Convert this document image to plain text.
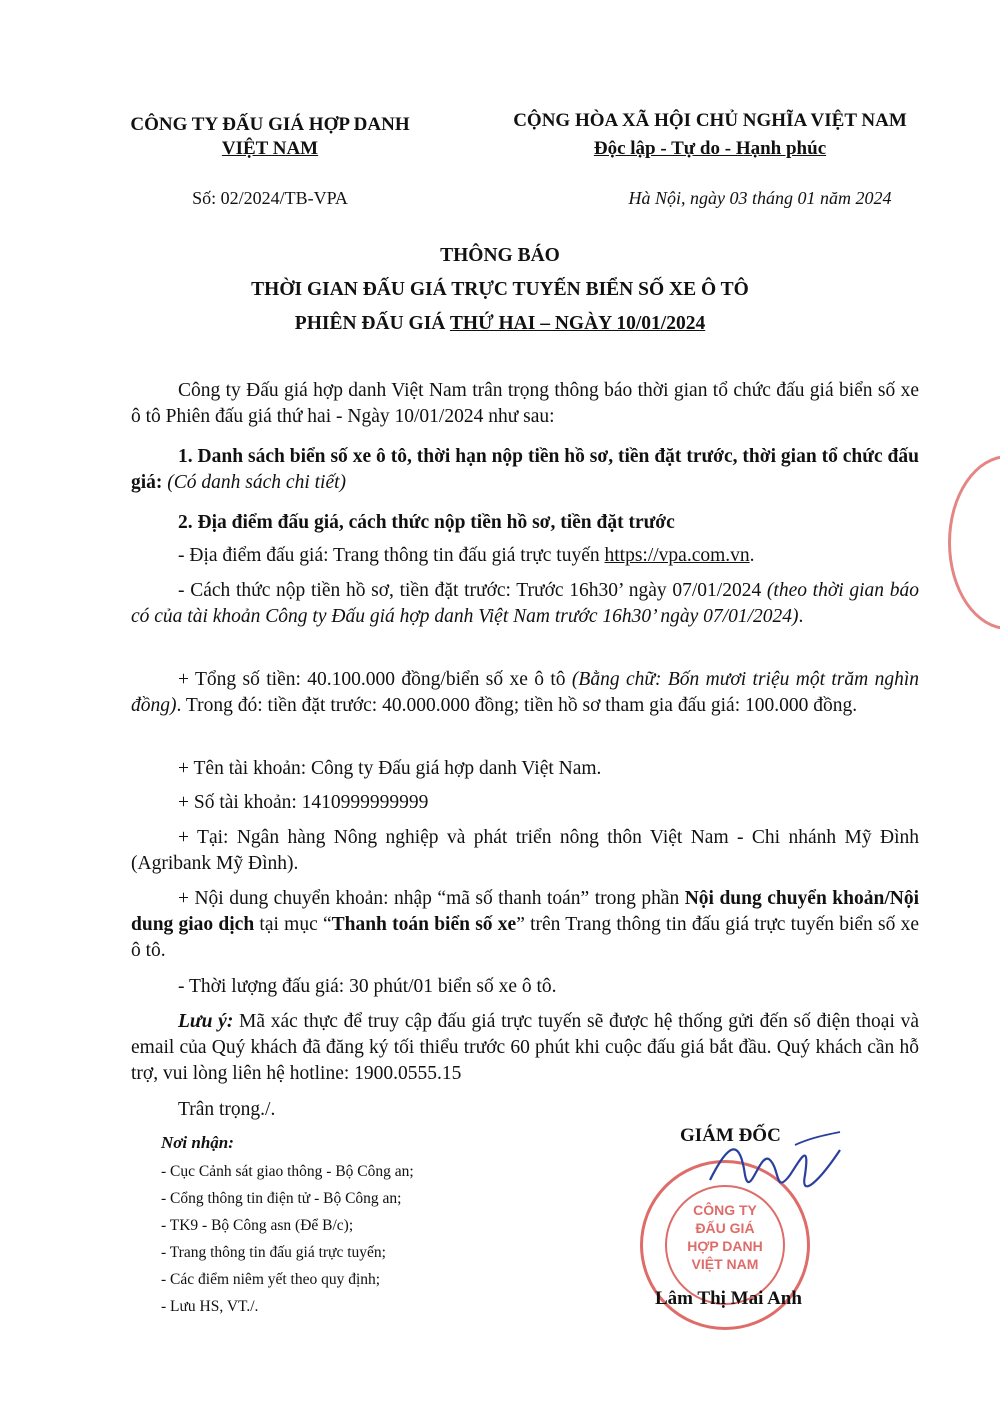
CÔNG TY ĐẤU GIÁ HỢP DANH
VIỆT NAM
CỘNG HÒA XÃ HỘI CHỦ NGHĨA VIỆT NAM
Độc lập - Tự do - Hạnh phúc
Số: 02/2024/TB-VPA	Hà Nội, ngày 03 tháng 01 năm 2024
THÔNG BÁO
THỜI GIAN ĐẤU GIÁ TRỰC TUYẾN BIỂN SỐ XE Ô TÔ
PHIÊN ĐẤU GIÁ THỨ HAI – NGÀY 10/01/2024
Công ty Đấu giá hợp danh Việt Nam trân trọng thông báo thời gian tổ chức đấu giá biển số xe ô tô Phiên đấu giá thứ hai - Ngày 10/01/2024 như sau:
1. Danh sách biển số xe ô tô, thời hạn nộp tiền hồ sơ, tiền đặt trước, thời gian tổ chức đấu giá: (Có danh sách chi tiết)
2. Địa điểm đấu giá, cách thức nộp tiền hồ sơ, tiền đặt trước
- Địa điểm đấu giá: Trang thông tin đấu giá trực tuyến https://vpa.com.vn.
- Cách thức nộp tiền hồ sơ, tiền đặt trước: Trước 16h30’ ngày 07/01/2024 (theo thời gian báo có của tài khoản Công ty Đấu giá hợp danh Việt Nam trước 16h30’ ngày 07/01/2024).
+ Tổng số tiền: 40.100.000 đồng/biển số xe ô tô (Bằng chữ: Bốn mươi triệu một trăm nghìn đồng). Trong đó: tiền đặt trước: 40.000.000 đồng; tiền hồ sơ tham gia đấu giá: 100.000 đồng.
+ Tên tài khoản: Công ty Đấu giá hợp danh Việt Nam.
+ Số tài khoản: 1410999999999
+ Tại: Ngân hàng Nông nghiệp và phát triển nông thôn Việt Nam - Chi nhánh Mỹ Đình (Agribank Mỹ Đình).
+ Nội dung chuyển khoản: nhập “mã số thanh toán” trong phần Nội dung chuyển khoản/Nội dung giao dịch tại mục “Thanh toán biển số xe” trên Trang thông tin đấu giá trực tuyến biển số xe ô tô.
- Thời lượng đấu giá: 30 phút/01 biển số xe ô tô.
Lưu ý: Mã xác thực để truy cập đấu giá trực tuyến sẽ được hệ thống gửi đến số điện thoại và email của Quý khách đã đăng ký tối thiểu trước 60 phút khi cuộc đấu giá bắt đầu. Quý khách cần hỗ trợ, vui lòng liên hệ hotline: 1900.0555.15
Trân trọng./.
Nơi nhận:
- Cục Cảnh sát giao thông - Bộ Công an;
- Cổng thông tin điện tử - Bộ Công an;
- TK9 - Bộ Công asn (Để B/c);
- Trang thông tin đấu giá trực tuyến;
- Các điểm niêm yết theo quy định;
- Lưu HS, VT./.
GIÁM ĐỐC
CÔNG TY
ĐẤU GIÁ
HỢP DANH
VIỆT NAM
Lâm Thị Mai Anh
